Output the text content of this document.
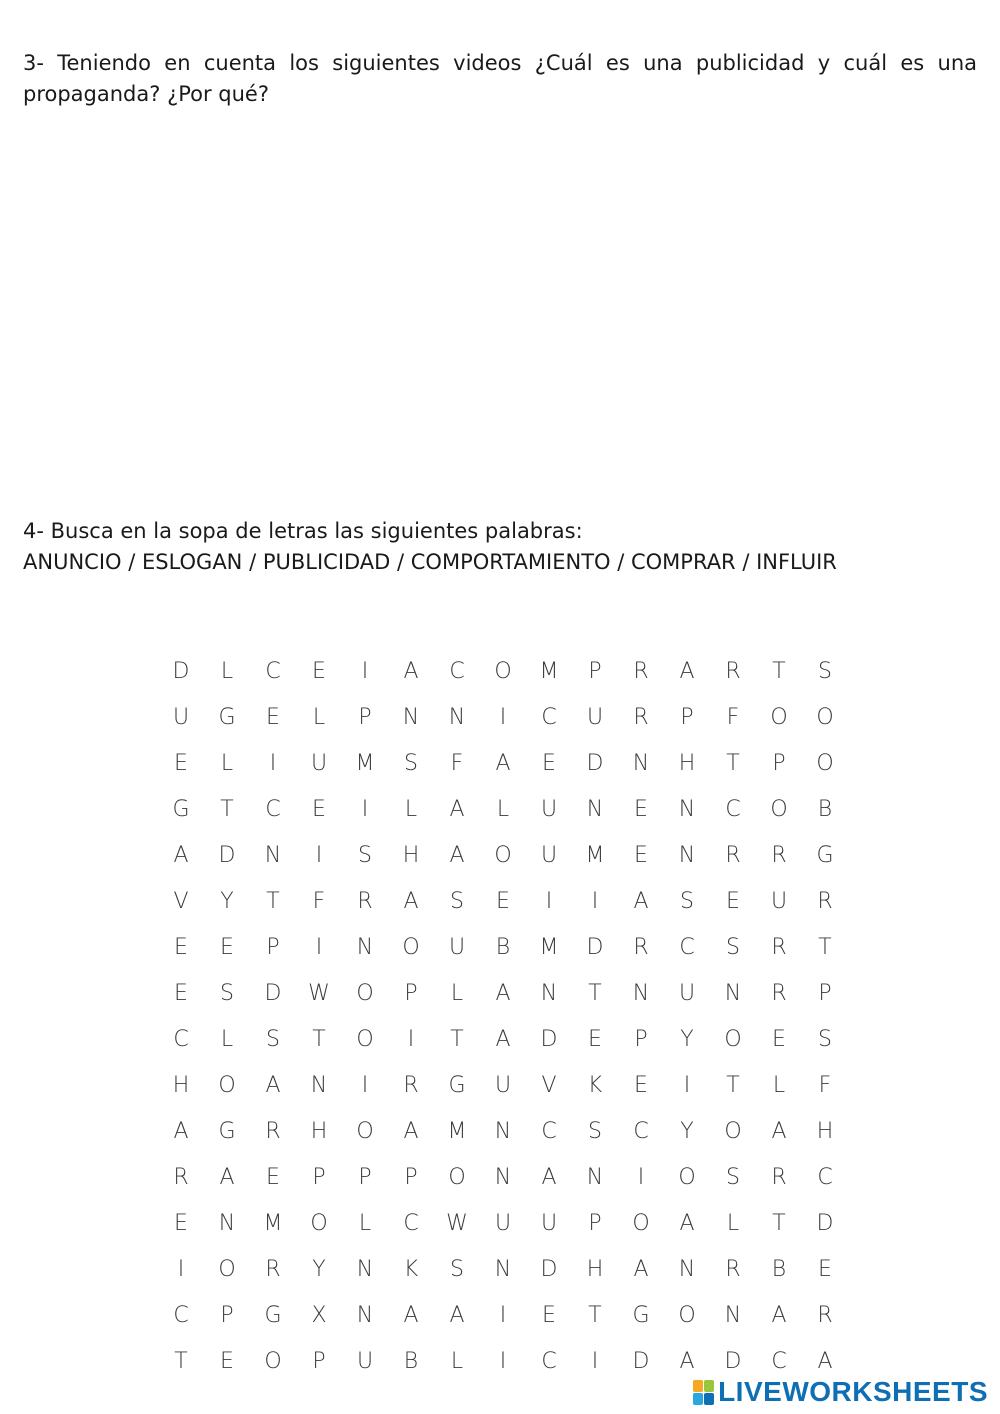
3- Teniendo en cuenta los siguientes videos ¿Cuál es una publicidad y cuál es una propaganda? ¿Por qué?

4- Busca en la sopa de letras las siguientes palabras:
ANUNCIO / ESLOGAN / PUBLICIDAD / COMPORTAMIENTO / COMPRAR / INFLUIR

D	L	C	E	I	A	C	O	M	P	R	A	R	T	S
U	G	E	L	P	N	N	I	C	U	R	P	F	O	O
E	L	I	U	M	S	F	A	E	D	N	H	T	P	O
G	T	C	E	I	L	A	L	U	N	E	N	C	O	B
A	D	N	I	S	H	A	O	U	M	E	N	R	R	G
V	Y	T	F	R	A	S	E	I	I	A	S	E	U	R
E	E	P	I	N	O	U	B	M	D	R	C	S	R	T
E	S	D	W	O	P	L	A	N	T	N	U	N	R	P
C	L	S	T	O	I	T	A	D	E	P	Y	O	E	S
H	O	A	N	I	R	G	U	V	K	E	I	T	L	F
A	G	R	H	O	A	M	N	C	S	C	Y	O	A	H
R	A	E	P	P	P	O	N	A	N	I	O	S	R	C
E	N	M	O	L	C	W	U	U	P	O	A	L	T	D
I	O	R	Y	N	K	S	N	D	H	A	N	R	B	E
C	P	G	X	N	A	A	I	E	T	G	O	N	A	R
T	E	O	P	U	B	L	I	C	I	D	A	D	C	A
LIVEWORKSHEETS
